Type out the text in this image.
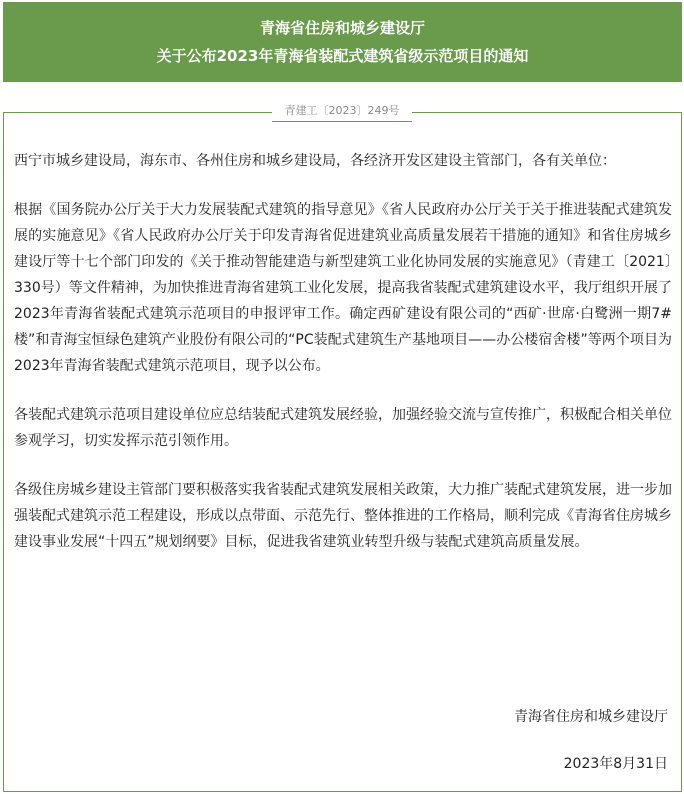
青海省住房和城乡建设厅
关于公布2023年青海省装配式建筑省级示范项目的通知
青建工〔2023〕249号

西宁市城乡建设局，海东市、各州住房和城乡建设局，各经济开发区建设主管部门，各有关单位：

根据《国务院办公厅关于大力发展装配式建筑的指导意见》《省人民政府办公厅关于关于推进装配式建筑发展的实施意见》《省人民政府办公厅关于印发青海省促进建筑业高质量发展若干措施的通知》和省住房城乡建设厅等十七个部门印发的《关于推动智能建造与新型建筑工业化协同发展的实施意见》（青建工〔2021〕330号）等文件精神，为加快推进青海省建筑工业化发展，提高我省装配式建筑建设水平，我厅组织开展了2023年青海省装配式建筑示范项目的申报评审工作。确定西矿建设有限公司的“西矿·世席·白鹭洲一期7#楼”和青海宝恒绿色建筑产业股份有限公司的“PC装配式建筑生产基地项目——办公楼宿舍楼”等两个项目为2023年青海省装配式建筑示范项目，现予以公布。

各装配式建筑示范项目建设单位应总结装配式建筑发展经验，加强经验交流与宣传推广，积极配合相关单位参观学习，切实发挥示范引领作用。

各级住房城乡建设主管部门要积极落实我省装配式建筑发展相关政策，大力推广装配式建筑发展，进一步加强装配式建筑示范工程建设，形成以点带面、示范先行、整体推进的工作格局，顺利完成《青海省住房城乡建设事业发展“十四五”规划纲要》目标，促进我省建筑业转型升级与装配式建筑高质量发展。

青海省住房和城乡建设厅
2023年8月31日
